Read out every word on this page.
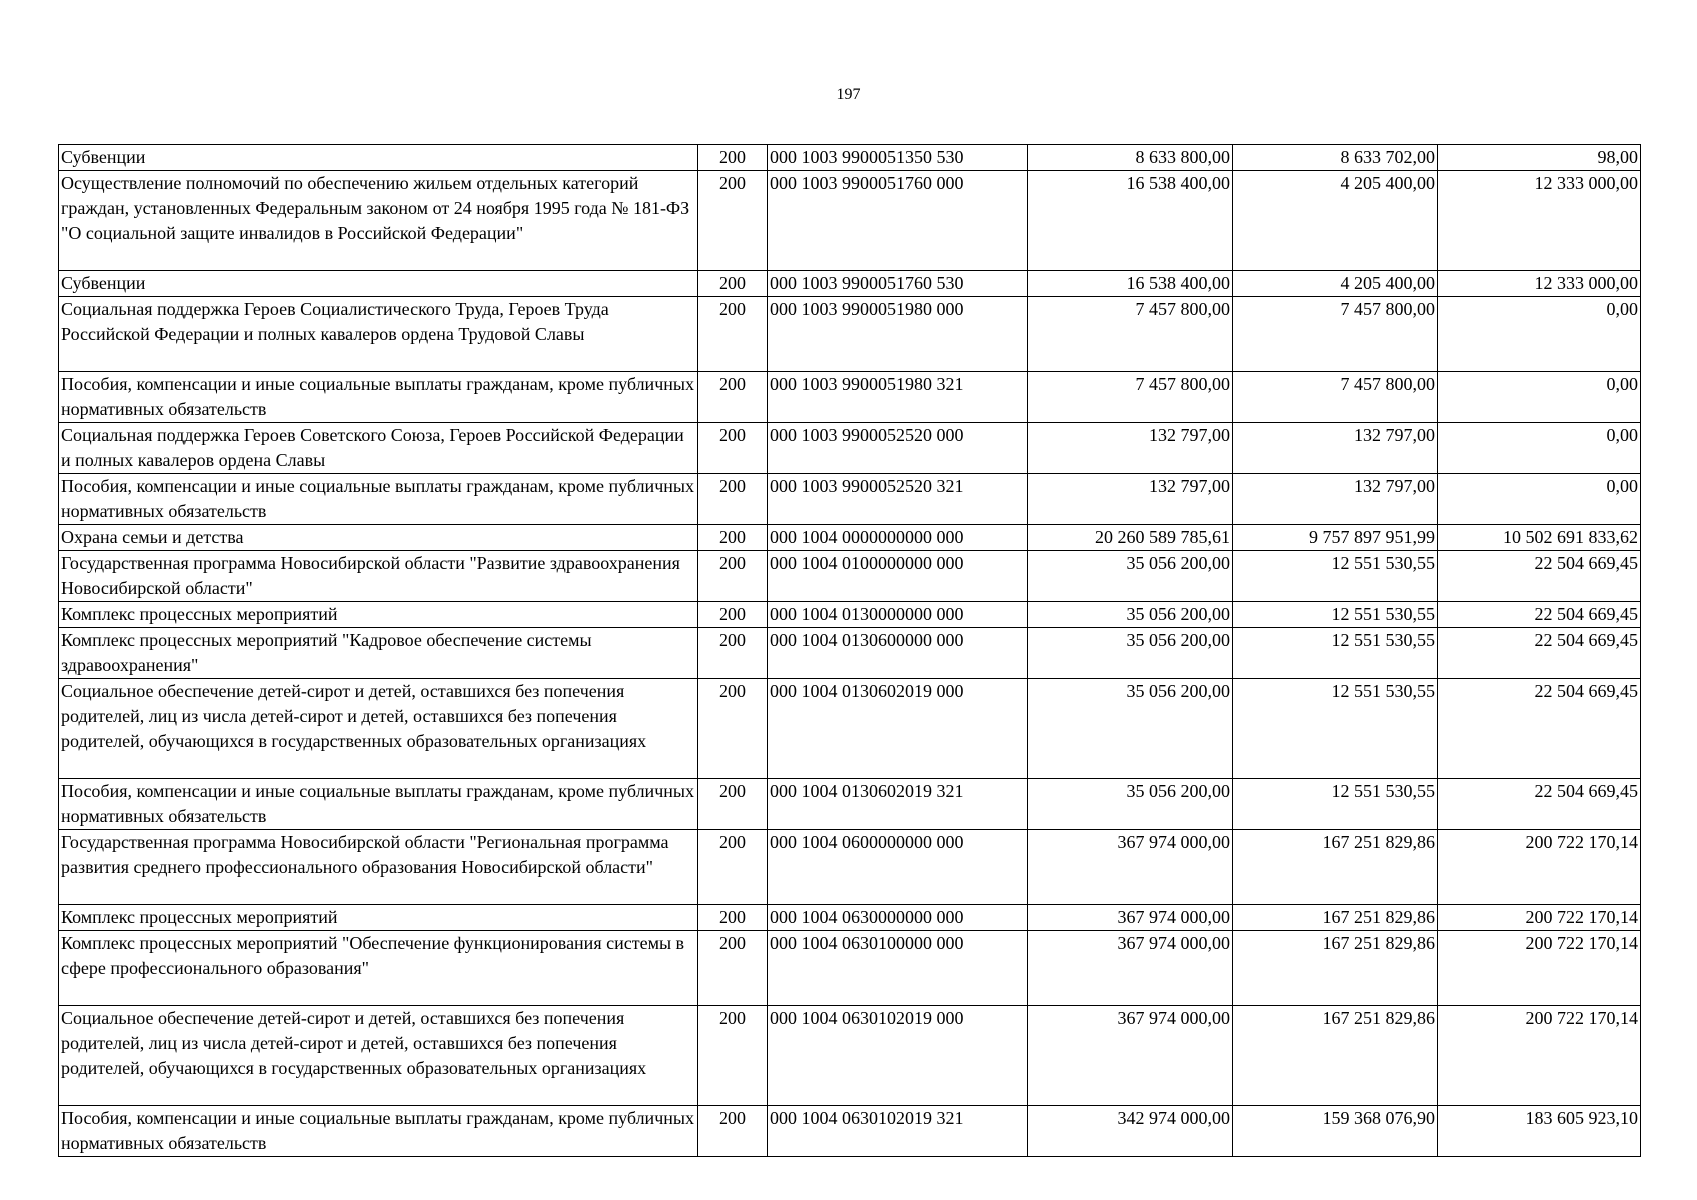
197
Субвенции	200	000 1003 9900051350 530	8 633 800,00	8 633 702,00	98,00
Осуществление полномочий по обеспечению жильем отдельных категорий граждан, установленных Федеральным законом от 24 ноября 1995 года № 181-ФЗ "О социальной защите инвалидов в Российской Федерации"	200	000 1003 9900051760 000	16 538 400,00	4 205 400,00	12 333 000,00
Субвенции	200	000 1003 9900051760 530	16 538 400,00	4 205 400,00	12 333 000,00
Социальная поддержка Героев Социалистического Труда, Героев Труда Российской Федерации и полных кавалеров ордена Трудовой Славы	200	000 1003 9900051980 000	7 457 800,00	7 457 800,00	0,00
Пособия, компенсации и иные социальные выплаты гражданам, кроме публичных нормативных обязательств	200	000 1003 9900051980 321	7 457 800,00	7 457 800,00	0,00
Социальная поддержка Героев Советского Союза, Героев Российской Федерации и полных кавалеров ордена Славы	200	000 1003 9900052520 000	132 797,00	132 797,00	0,00
Пособия, компенсации и иные социальные выплаты гражданам, кроме публичных нормативных обязательств	200	000 1003 9900052520 321	132 797,00	132 797,00	0,00
Охрана семьи и детства	200	000 1004 0000000000 000	20 260 589 785,61	9 757 897 951,99	10 502 691 833,62
Государственная программа Новосибирской области "Развитие здравоохранения Новосибирской области"	200	000 1004 0100000000 000	35 056 200,00	12 551 530,55	22 504 669,45
Комплекс процессных мероприятий	200	000 1004 0130000000 000	35 056 200,00	12 551 530,55	22 504 669,45
Комплекс процессных мероприятий "Кадровое обеспечение системы здравоохранения"	200	000 1004 0130600000 000	35 056 200,00	12 551 530,55	22 504 669,45
Социальное обеспечение детей-сирот и детей, оставшихся без попечения родителей, лиц из числа детей-сирот и детей, оставшихся без попечения родителей, обучающихся в государственных образовательных организациях	200	000 1004 0130602019 000	35 056 200,00	12 551 530,55	22 504 669,45
Пособия, компенсации и иные социальные выплаты гражданам, кроме публичных нормативных обязательств	200	000 1004 0130602019 321	35 056 200,00	12 551 530,55	22 504 669,45
Государственная программа Новосибирской области "Региональная программа развития среднего профессионального образования Новосибирской области"	200	000 1004 0600000000 000	367 974 000,00	167 251 829,86	200 722 170,14
Комплекс процессных мероприятий	200	000 1004 0630000000 000	367 974 000,00	167 251 829,86	200 722 170,14
Комплекс процессных мероприятий "Обеспечение функционирования системы в сфере профессионального образования"	200	000 1004 0630100000 000	367 974 000,00	167 251 829,86	200 722 170,14
Социальное обеспечение детей-сирот и детей, оставшихся без попечения родителей, лиц из числа детей-сирот и детей, оставшихся без попечения родителей, обучающихся в государственных образовательных организациях	200	000 1004 0630102019 000	367 974 000,00	167 251 829,86	200 722 170,14
Пособия, компенсации и иные социальные выплаты гражданам, кроме публичных нормативных обязательств	200	000 1004 0630102019 321	342 974 000,00	159 368 076,90	183 605 923,10
